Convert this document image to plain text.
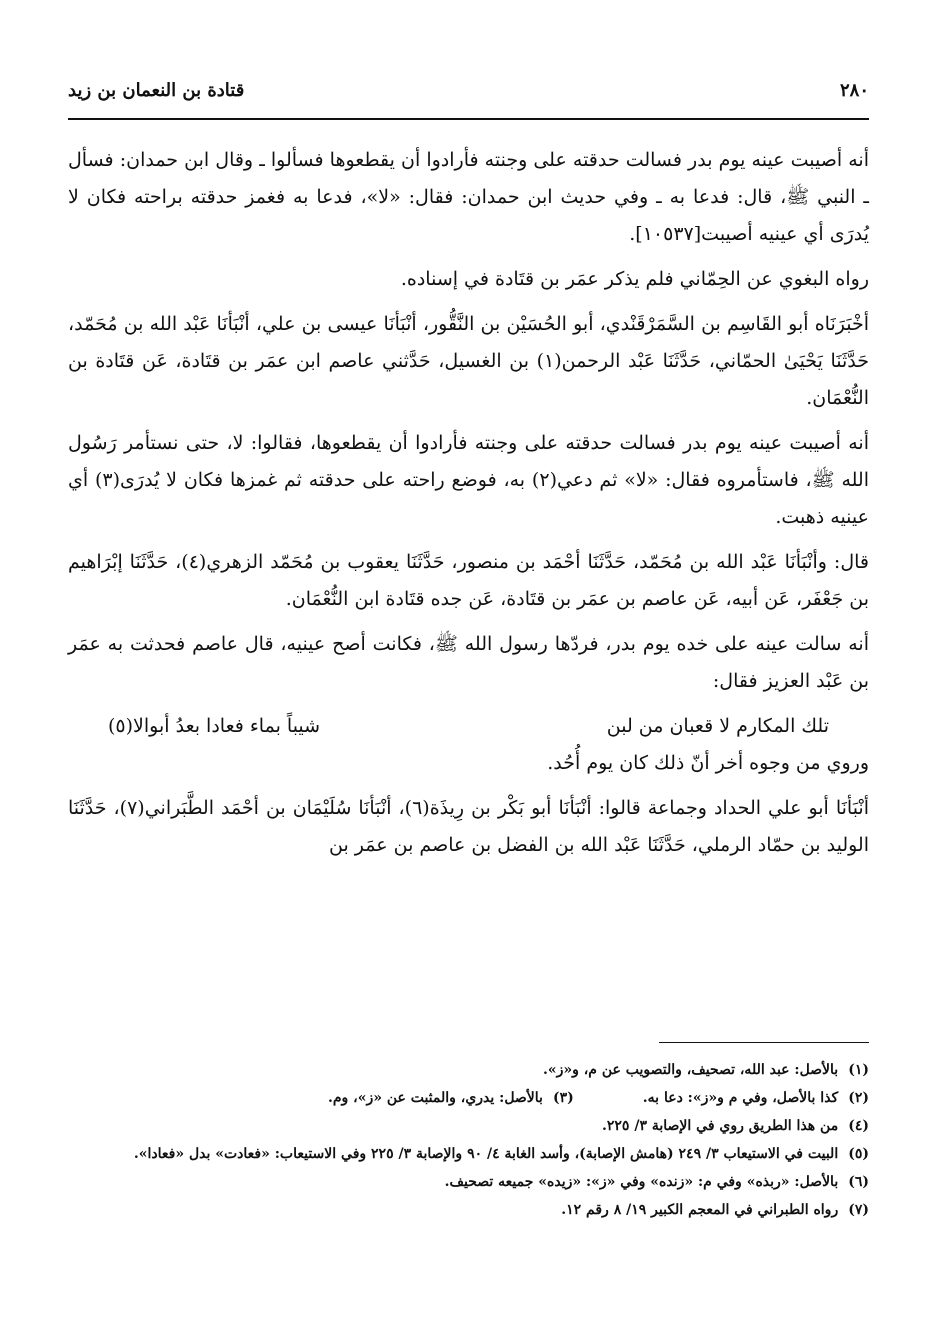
٢٨٠
قتادة بن النعمان بن زيد

أنه أصيبت عينه يوم بدر فسالت حدقته على وجنته فأرادوا أن يقطعوها فسألوا ـ وقال ابن حمدان: فسأل ـ النبي ﷺ، قال: فدعا به ـ وفي حديث ابن حمدان: فقال: «لا»، فدعا به فغمز حدقته براحته فكان لا يُدرَى أي عينيه أصيبت[١٠٥٣٧].

رواه البغوي عن الحِمّاني فلم يذكر عمَر بن قتَادة في إسناده.

أخْبَرَنَاه أبو القَاسِم بن السَّمَرْقَنْدي، أبو الحُسَيْن بن النَّقُّور، أنْبَأنَا عيسى بن علي، أنْبَأنَا عَبْد الله بن مُحَمّد، حَدَّثَنَا يَحْيَىٰ الحمّاني، حَدَّثَنَا عَبْد الرحمن(١) بن الغسيل، حَدَّثني عاصم ابن عمَر بن قتَادة، عَن قتَادة بن النُّعْمَان.

أنه أصيبت عينه يوم بدر فسالت حدقته على وجنته فأرادوا أن يقطعوها، فقالوا: لا، حتى نستأمر رَسُول الله ﷺ، فاستأمروه فقال: «لا» ثم دعي(٢) به، فوضع راحته على حدقته ثم غمزها فكان لا يُدرَى(٣) أي عينيه ذهبت.

قال: وأنْبَأنَا عَبْد الله بن مُحَمّد، حَدَّثَنَا أحْمَد بن منصور، حَدَّثَنَا يعقوب بن مُحَمّد الزهري(٤)، حَدَّثَنَا إبْرَاهيم بن جَعْفَر، عَن أبيه، عَن عاصم بن عمَر بن قتَادة، عَن جده قتَادة ابن النُّعْمَان.

أنه سالت عينه على خده يوم بدر، فردّها رسول الله ﷺ، فكانت أصح عينيه، قال عاصم فحدثت به عمَر بن عَبْد العزيز فقال:

تلك المكارم لا قعبان من لبن
شيباً بماء فعادا بعدُ أبوالا(٥)

وروي من وجوه أخر أنّ ذلك كان يوم أُحُد.

أنْبَأنَا أبو علي الحداد وجماعة قالوا: أنْبَأنَا أبو بَكْر بن رِيذَة(٦)، أنْبَأنَا سُلَيْمَان بن أحْمَد الطَّبَراني(٧)، حَدَّثَنَا الوليد بن حمّاد الرملي، حَدَّثَنَا عَبْد الله بن الفضل بن عاصم بن عمَر بن

(١)
بالأصل: عبد الله، تصحيف، والتصويب عن م، و«ز».
(٢)
كذا بالأصل، وفي م و«ز»: دعا به.
(٣)
بالأصل: يدري، والمثبت عن «ز»، وم.
(٤)
من هذا الطريق روي في الإصابة ٣/ ٢٢٥.
(٥)
البيت في الاستيعاب ٣/ ٢٤٩ (هامش الإصابة)، وأسد الغابة ٤/ ٩٠ والإصابة ٣/ ٢٢٥ وفي الاستيعاب: «فعادت» بدل «فعادا».
(٦)
بالأصل: «ربذه» وفي م: «زنده» وفي «ز»: «زيده» جميعه تصحيف.
(٧)
رواه الطبراني في المعجم الكبير ١٩/ ٨ رقم ١٢.
